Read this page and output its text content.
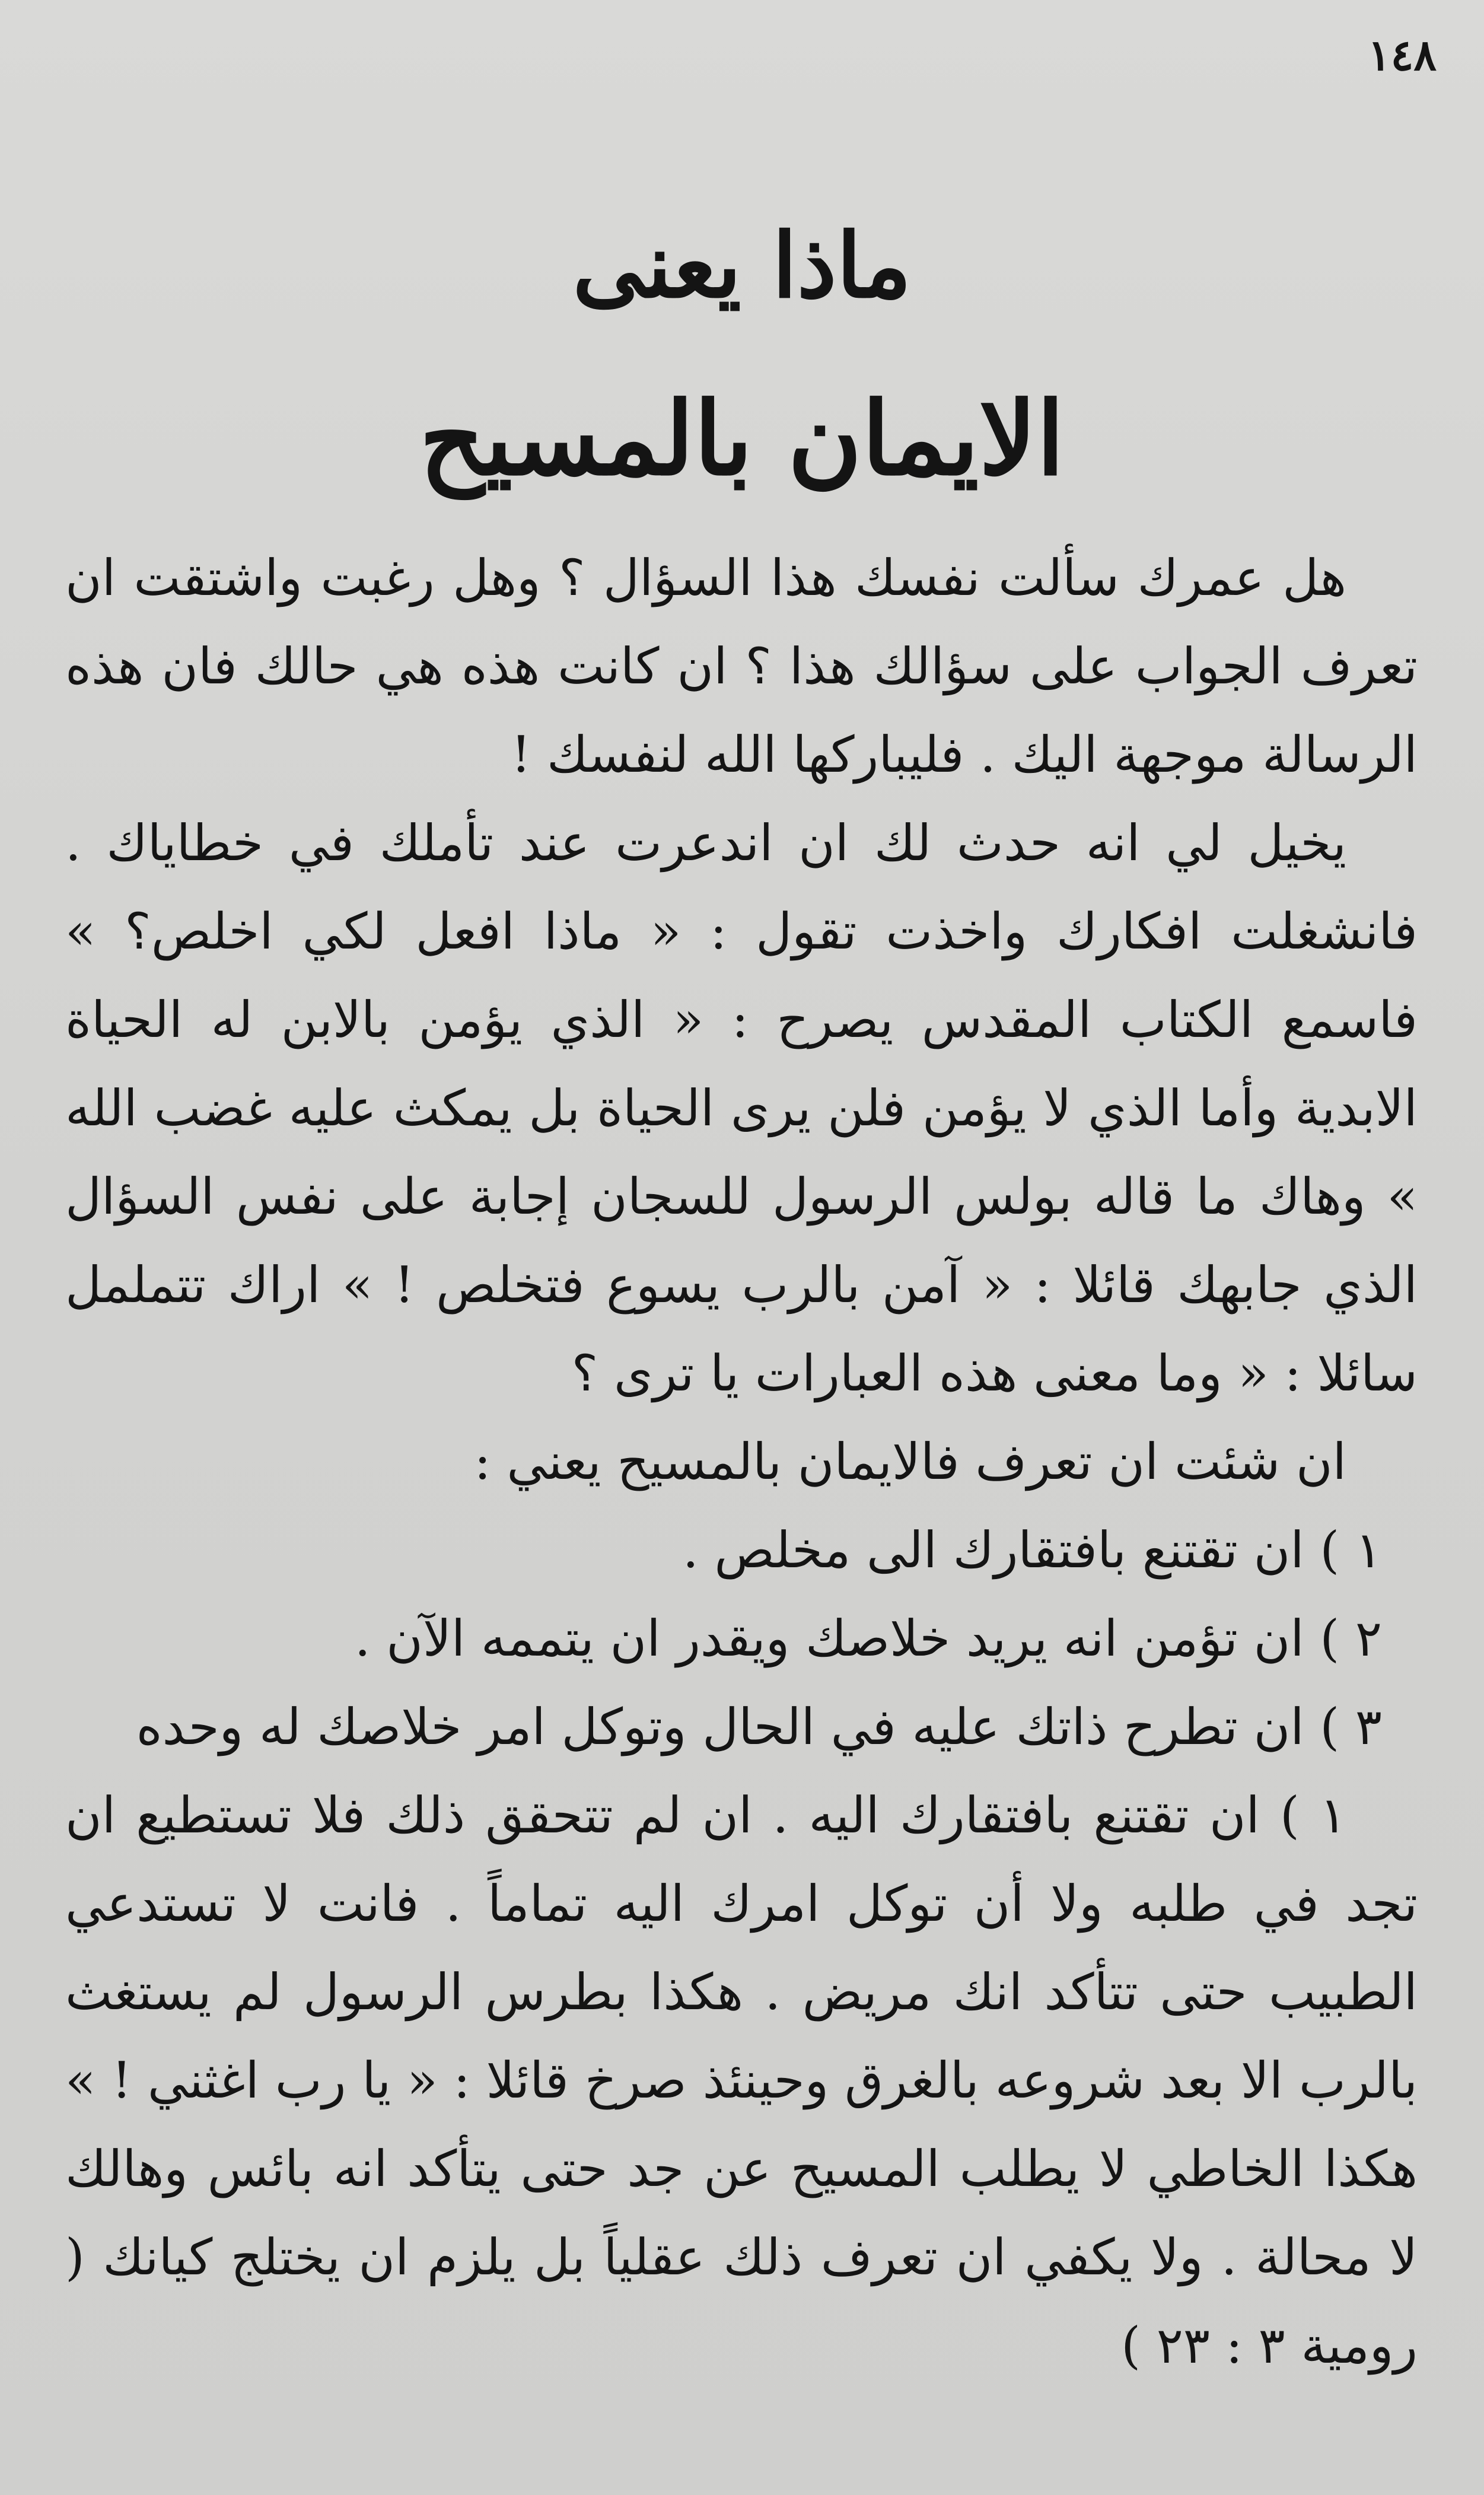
١٤٨
ماذا يعنى
الايمان بالمسيح

هل عمرك سألت نفسك هذا السؤال ؟ وهل رغبت واشتقت ان تعرف الجواب على سؤالك هذا ؟ ان كانت هذه هي حالك فان هذه الرسالة موجهة اليك . فليباركها الله لنفسك !

يخيل لي انه حدث لك ان اندعرت عند تأملك في خطاياك . فانشغلت افكارك واخذت تقول : « ماذا افعل لكي اخلص؟ » فاسمع الكتاب المقدس يصرح : « الذي يؤمن بالابن له الحياة الابدية وأما الذي لا يؤمن فلن يرى الحياة بل يمكث عليه غضب الله » وهاك ما قاله بولس الرسول للسجان إجابة على نفس السؤال الذي جابهك قائلا : « آمن بالرب يسوع فتخلص ! » اراك تتململ سائلا : « وما معنى هذه العبارات يا ترى ؟

ان شئت ان تعرف فالايمان بالمسيح يعني :

١ ) ان تقتنع بافتقارك الى مخلص .

٢ ) ان تؤمن انه يريد خلاصك ويقدر ان يتممه الآن .

٣ ) ان تطرح ذاتك عليه في الحال وتوكل امر خلاصك له وحده

١ ) ان تقتنع بافتقارك اليه . ان لم تتحقق ذلك فلا تستطيع ان تجد في طلبه ولا أن توكل امرك اليه تماماً . فانت لا تستدعي الطبيب حتى تتأكد انك مريض . هكذا بطرس الرسول لم يستغث بالرب الا بعد شروعه بالغرق وحينئذ صرخ قائلا : « يا رب اغثني ! » هكذا الخاطي لا يطلب المسيح عن جد حتى يتأكد انه بائس وهالك لا محالة . ولا يكفي ان تعرف ذلك عقلياً بل يلزم ان يختلج كيانك ( رومية ٣ : ٢٣ )
